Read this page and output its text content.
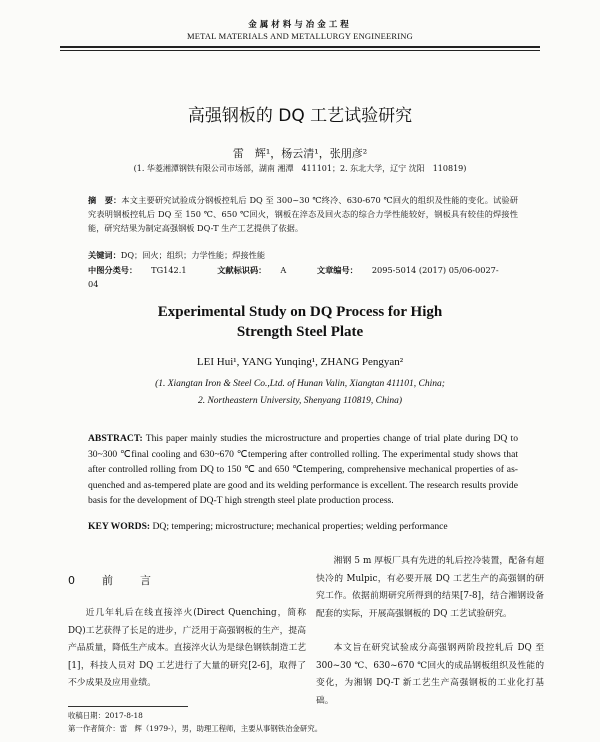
金属材料与冶金工程
METAL MATERIALS AND METALLURGY ENGINEERING
高强钢板的 DQ 工艺试验研究
雷　辉¹，杨云清¹，张朋彦²
(1. 华菱湘潭钢铁有限公司市场部，湖南 湘潭　411101；2. 东北大学，辽宁 沈阳　110819)
摘　要：本文主要研究试验成分钢板控轧后 DQ 至 300~30 ℃终冷、630-670 ℃回火的组织及性能的变化。试验研究表明钢板控轧后 DQ 至 150 ℃、650 ℃回火，钢板在淬态及回火态的综合力学性能较好，钢板具有较佳的焊接性能，研究结果为制定高强钢板 DQ-T 生产工艺提供了依据。
关键词：DQ；回火；组织；力学性能；焊接性能
中图分类号： TG142.1	文献标识码： A	文章编号： 2095-5014 (2017) 05/06-0027-04
Experimental Study on DQ Process for High
Strength Steel Plate
LEI Hui¹, YANG Yunqing¹, ZHANG Pengyan²
(1. Xiangtan Iron & Steel Co.,Ltd. of Hunan Valin, Xiangtan 411101, China;
2. Northeastern University, Shenyang 110819, China)
ABSTRACT: This paper mainly studies the microstructure and properties change of trial plate during DQ to 30~300 ℃final cooling and 630~670 ℃tempering after controlled rolling. The experimental study shows that after controlled rolling from DQ to 150 ℃ and 650 ℃tempering, comprehensive mechanical properties of as-quenched and as-tempered plate are good and its welding performance is excellent. The research results provide basis for the development of DQ-T high strength steel plate production process.
KEY WORDS: DQ; tempering; microstructure; mechanical properties; welding performance
0　前　言
近几年轧后在线直接淬火(Direct Quenching，简称 DQ)工艺获得了长足的进步，广泛用于高强钢板的生产，提高产品质量，降低生产成本。直接淬火认为是绿色钢铁制造工艺[1]，科技人员对 DQ 工艺进行了大量的研究[2-6]，取得了不少成果及应用业绩。
湘钢 5 m 厚板厂具有先进的轧后控冷装置，配备有超快冷的 Mulpic，有必要开展 DQ 工艺生产的高强钢的研究工作。依据前期研究所得到的结果[7-8]，结合湘钢设备配套的实际，开展高强钢板的 DQ 工艺试验研究。
本文旨在研究试验成分高强钢两阶段控轧后 DQ 至 300~30 ℃、630~670 ℃回火的成品钢板组织及性能的变化，为湘钢 DQ-T 新工艺生产高强钢板的工业化打基础。
收稿日期：2017-8-18
第一作者简介：雷　辉（1979-），男，助理工程师，主要从事钢铁冶金研究。
